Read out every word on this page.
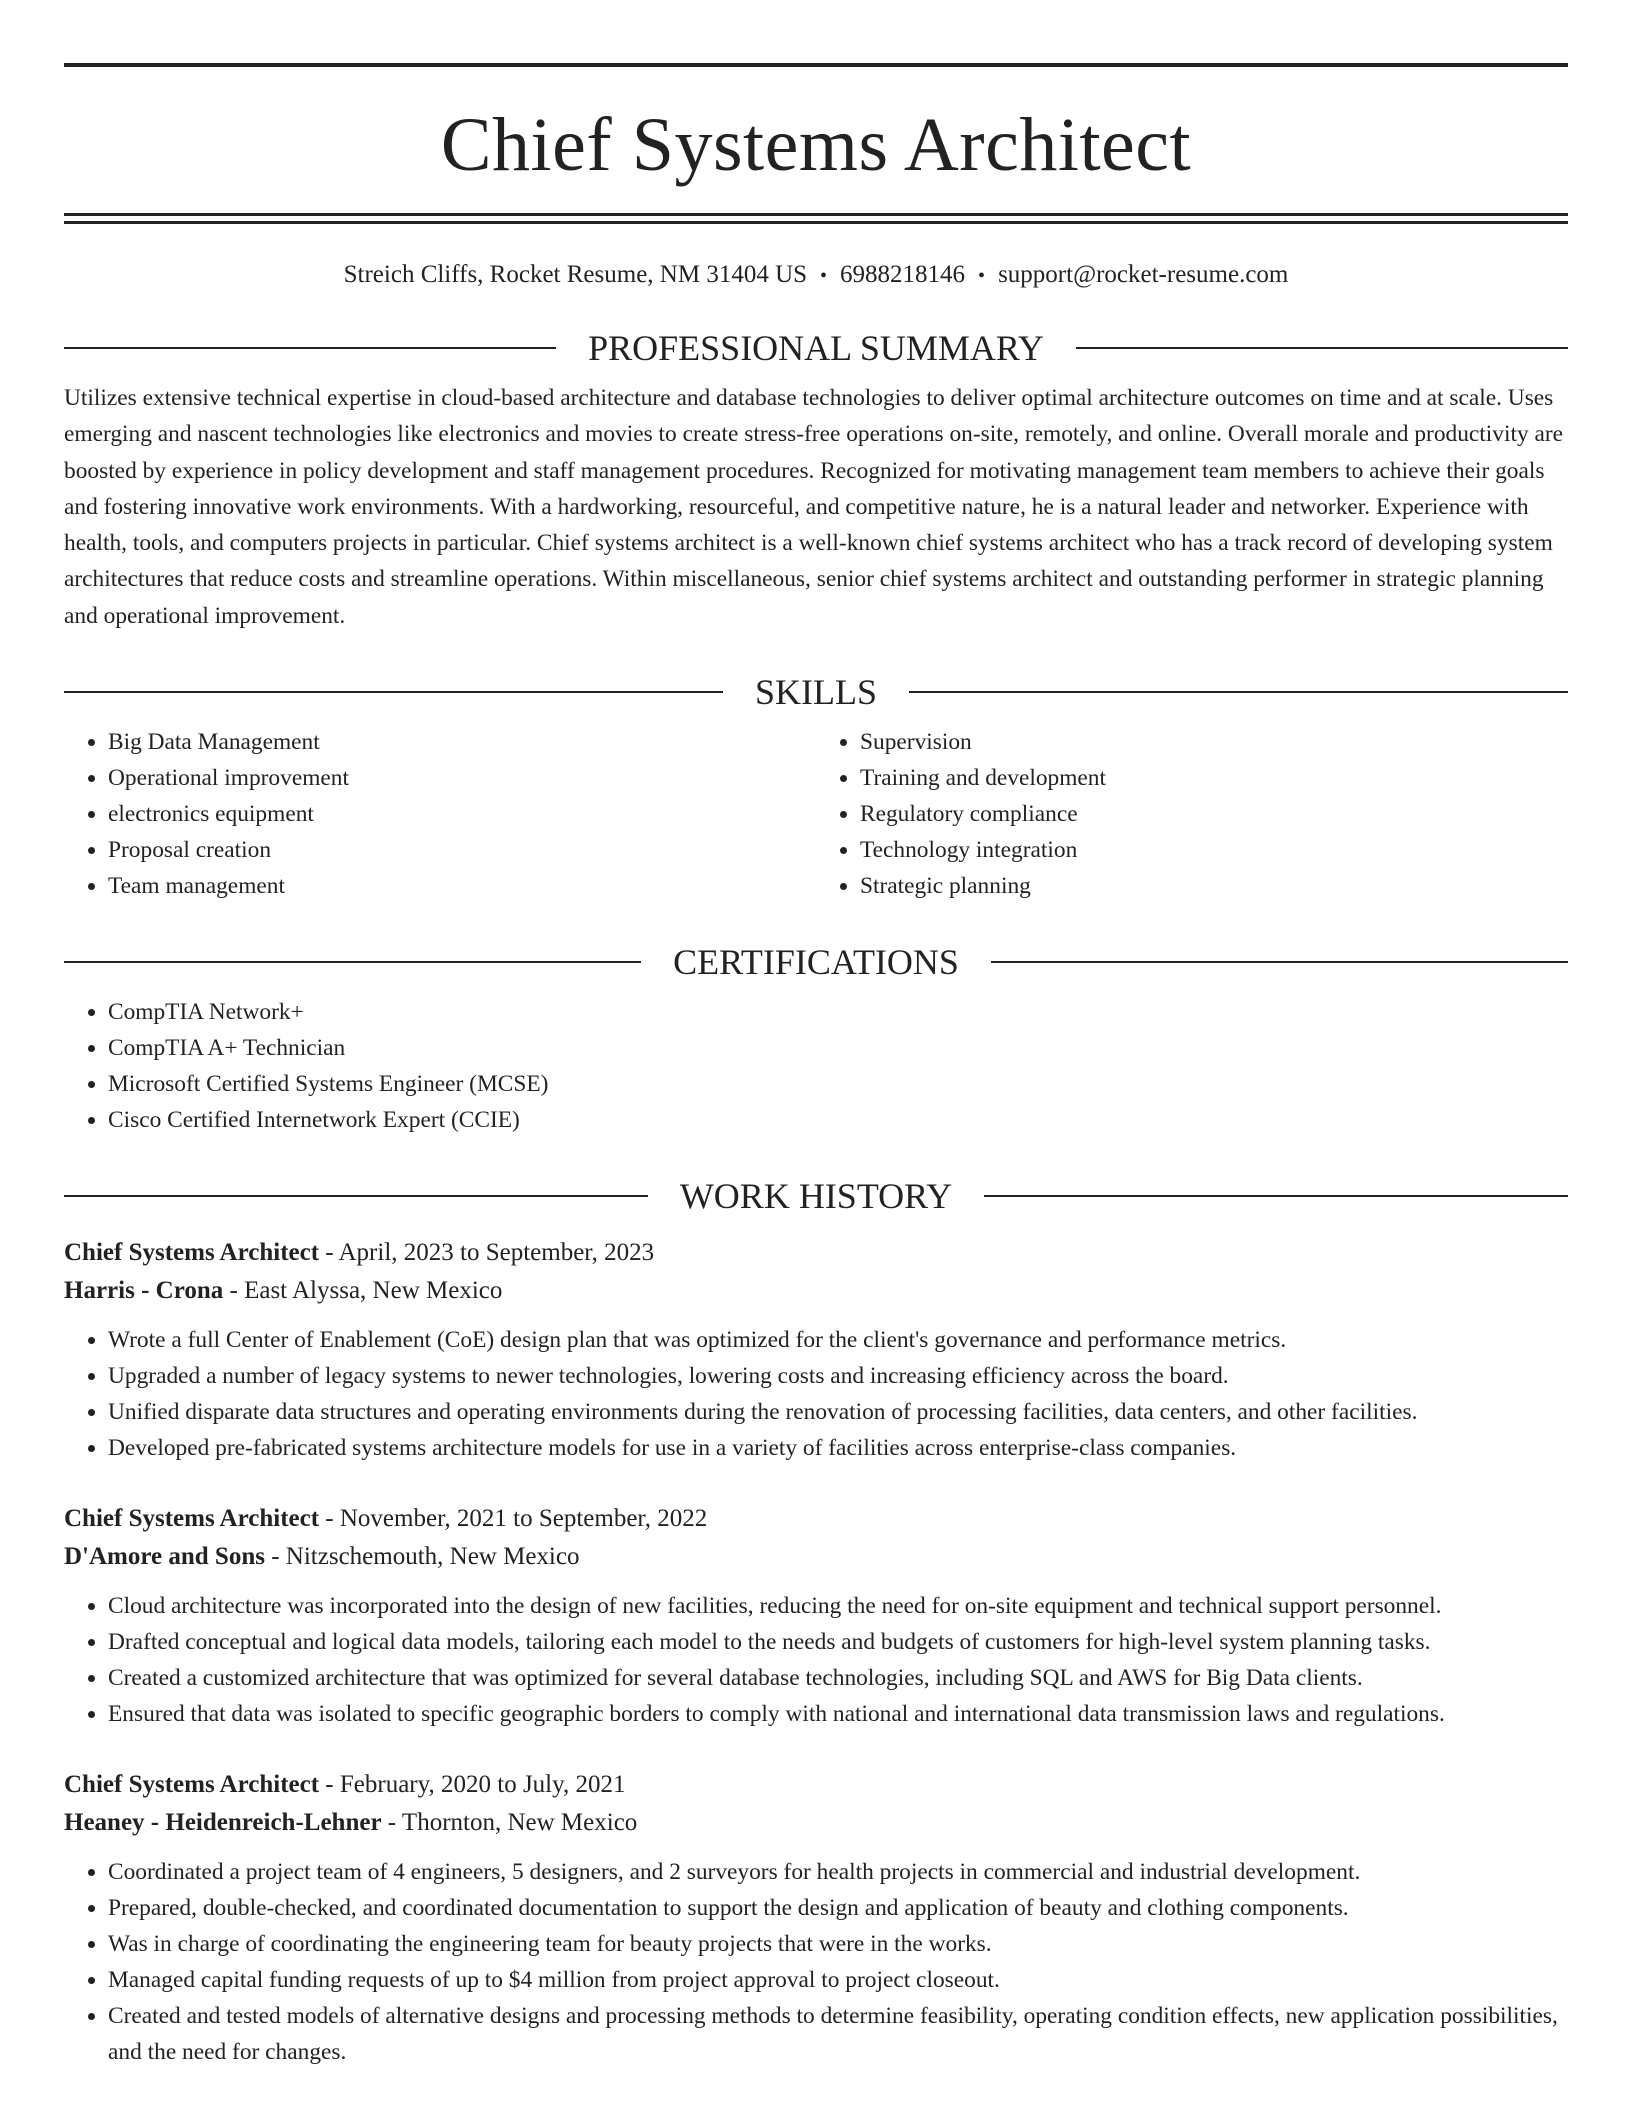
Chief Systems Architect
Streich Cliffs, Rocket Resume, NM 31404 US • 6988218146 • support@rocket-resume.com
PROFESSIONAL SUMMARY

Utilizes extensive technical expertise in cloud-based architecture and database technologies to deliver optimal architecture outcomes on time and at scale. Uses emerging and nascent technologies like electronics and movies to create stress-free operations on-site, remotely, and online. Overall morale and productivity are boosted by experience in policy development and staff management procedures. Recognized for motivating management team members to achieve their goals and fostering innovative work environments. With a hardworking, resourceful, and competitive nature, he is a natural leader and networker. Experience with health, tools, and computers projects in particular. Chief systems architect is a well-known chief systems architect who has a track record of developing system architectures that reduce costs and streamline operations. Within miscellaneous, senior chief systems architect and outstanding performer in strategic planning and operational improvement.

SKILLS
• Big Data Management
• Operational improvement
• electronics equipment
• Proposal creation
• Team management
• Supervision
• Training and development
• Regulatory compliance
• Technology integration
• Strategic planning
CERTIFICATIONS
• CompTIA Network+
• CompTIA A+ Technician
• Microsoft Certified Systems Engineer (MCSE)
• Cisco Certified Internetwork Expert (CCIE)
WORK HISTORY
Chief Systems Architect - April, 2023 to September, 2023
Harris - Crona - East Alyssa, New Mexico
• Wrote a full Center of Enablement (CoE) design plan that was optimized for the client's governance and performance metrics.
• Upgraded a number of legacy systems to newer technologies, lowering costs and increasing efficiency across the board.
• Unified disparate data structures and operating environments during the renovation of processing facilities, data centers, and other facilities.
• Developed pre-fabricated systems architecture models for use in a variety of facilities across enterprise-class companies.
Chief Systems Architect - November, 2021 to September, 2022
D'Amore and Sons - Nitzschemouth, New Mexico
• Cloud architecture was incorporated into the design of new facilities, reducing the need for on-site equipment and technical support personnel.
• Drafted conceptual and logical data models, tailoring each model to the needs and budgets of customers for high-level system planning tasks.
• Created a customized architecture that was optimized for several database technologies, including SQL and AWS for Big Data clients.
• Ensured that data was isolated to specific geographic borders to comply with national and international data transmission laws and regulations.
Chief Systems Architect - February, 2020 to July, 2021
Heaney - Heidenreich-Lehner - Thornton, New Mexico
• Coordinated a project team of 4 engineers, 5 designers, and 2 surveyors for health projects in commercial and industrial development.
• Prepared, double-checked, and coordinated documentation to support the design and application of beauty and clothing components.
• Was in charge of coordinating the engineering team for beauty projects that were in the works.
• Managed capital funding requests of up to $4 million from project approval to project closeout.
• Created and tested models of alternative designs and processing methods to determine feasibility, operating condition effects, new application possibilities, and the need for changes.
